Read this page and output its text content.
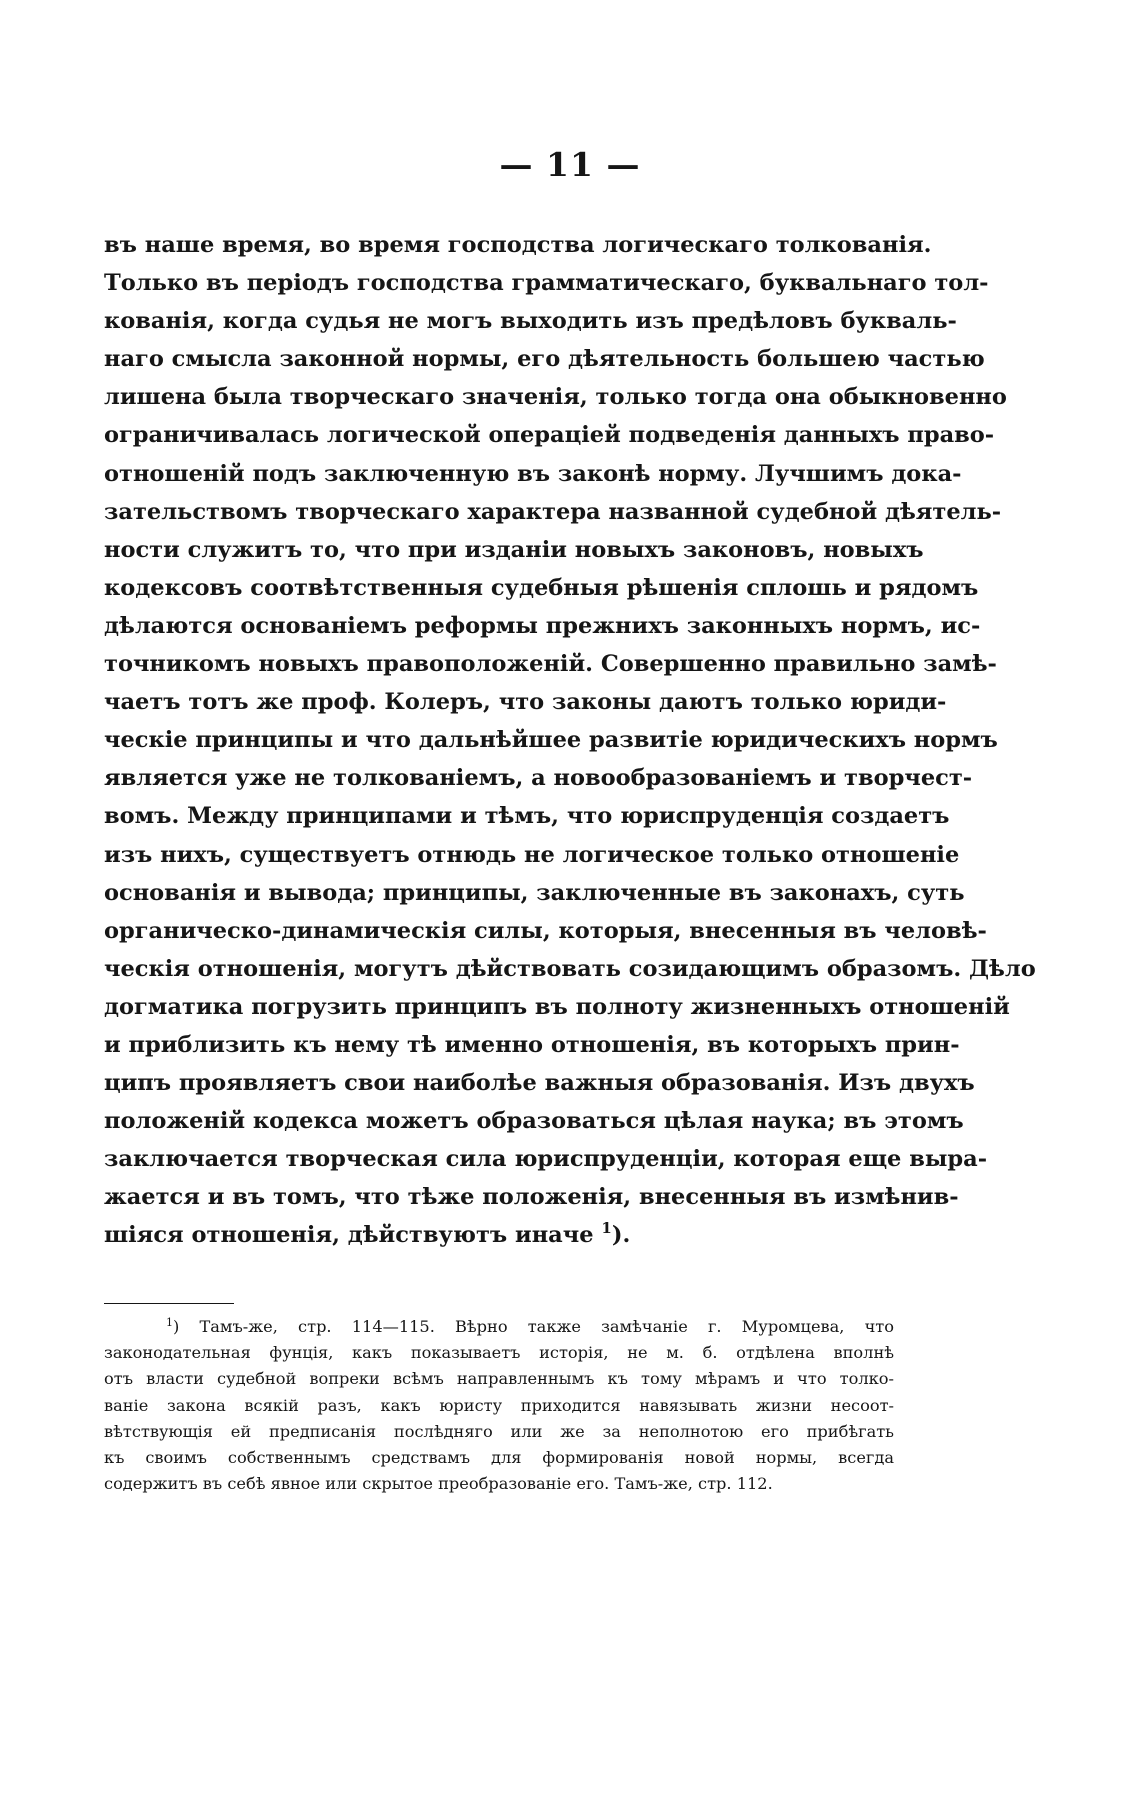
— 11 —
въ наше время, во время господства логическаго толкованія.
Только въ періодъ господства грамматическаго, буквальнаго тол-
кованія, когда судья не могъ выходить изъ предѣловъ букваль-
наго смысла законной нормы, его дѣятельность большею частью
лишена была творческаго значенія, только тогда она обыкновенно
ограничивалась логической операціей подведенія данныхъ право-
отношеній подъ заключенную въ законѣ норму. Лучшимъ дока-
зательствомъ творческаго характера названной судебной дѣятель-
ности служитъ то, что при изданіи новыхъ законовъ, новыхъ
кодексовъ соотвѣтственныя судебныя рѣшенія сплошь и рядомъ
дѣлаются основаніемъ реформы прежнихъ законныхъ нормъ, ис-
точникомъ новыхъ правоположеній. Совершенно правильно замѣ-
чаетъ тотъ же проф. Колеръ, что законы даютъ только юриди-
ческіе принципы и что дальнѣйшее развитіе юридическихъ нормъ
является уже не толкованіемъ, а новообразованіемъ и творчест-
вомъ. Между принципами и тѣмъ, что юриспруденція создаетъ
изъ нихъ, существуетъ отнюдь не логическое только отношеніе
основанія и вывода; принципы, заключенные въ законахъ, суть
органическо-динамическія силы, которыя, внесенныя въ человѣ-
ческія отношенія, могутъ дѣйствовать созидающимъ образомъ. Дѣло
догматика погрузить принципъ въ полноту жизненныхъ отношеній
и приблизить къ нему тѣ именно отношенія, въ которыхъ прин-
ципъ проявляетъ свои наиболѣе важныя образованія. Изъ двухъ
положеній кодекса можетъ образоваться цѣлая наука; въ этомъ
заключается творческая сила юриспруденціи, которая еще выра-
жается и въ томъ, что тѣже положенія, внесенныя въ измѣнив-
шіяся отношенія, дѣйствуютъ иначе $^1$).
$^1$) Тамъ-же, стр. 114—115. Вѣрно также замѣчаніе г. Муромцева, что
законодательная фунція, какъ показываетъ исторія, не м. б. отдѣлена вполнѣ
отъ власти судебной вопреки всѣмъ направленнымъ къ тому мѣрамъ и что толко-
ваніе закона всякій разъ, какъ юристу приходится навязывать жизни несоот-
вѣтствующія ей предписанія послѣдняго или же за неполнотою его прибѣгать
къ своимъ собственнымъ средствамъ для формированія новой нормы, всегда
содержитъ въ себѣ явное или скрытое преобразованіе его. Тамъ-же, стр. 112.
